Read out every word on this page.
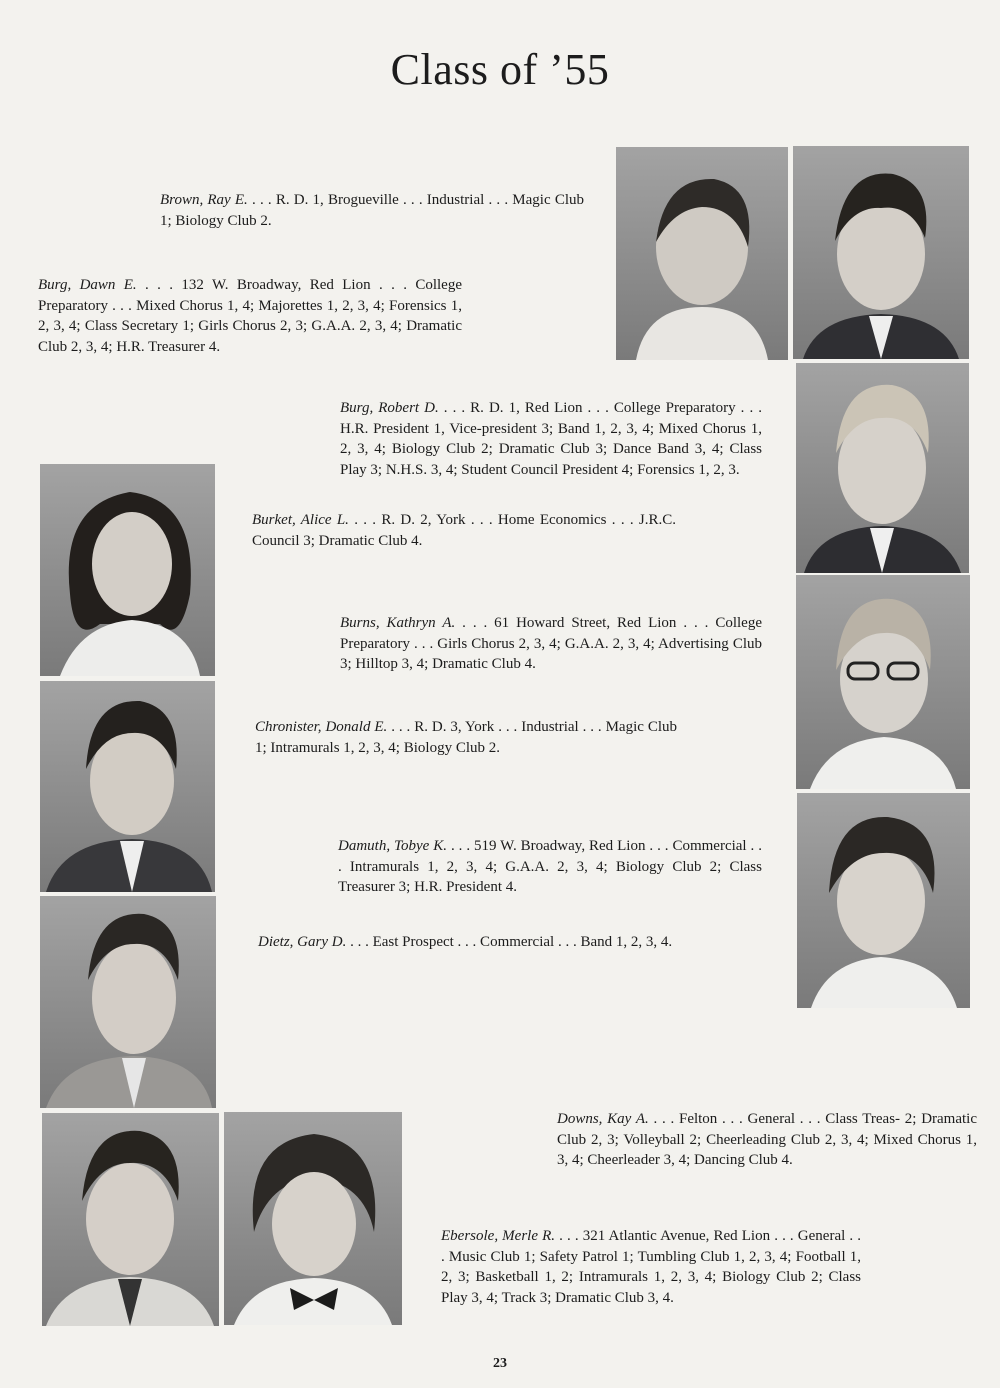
Class of ’55
Brown, Ray E. . . . R. D. 1, Brogueville . . . Industrial . . . Magic Club 1; Biology Club 2.
Burg, Dawn E. . . . 132 W. Broadway, Red Lion . . . College Preparatory . . . Mixed Chorus 1, 4; Majorettes 1, 2, 3, 4; Forensics 1, 2, 3, 4; Class Secretary 1; Girls Chorus 2, 3; G.A.A. 2, 3, 4; Dramatic Club 2, 3, 4; H.R. Treasurer 4.
Burg, Robert D. . . . R. D. 1, Red Lion . . . College Preparatory . . . H.R. President 1, Vice-president 3; Band 1, 2, 3, 4; Mixed Chorus 1, 2, 3, 4; Biology Club 2; Dramatic Club 3; Dance Band 3, 4; Class Play 3; N.H.S. 3, 4; Student Council President 4; Forensics 1, 2, 3.
Burket, Alice L. . . . R. D. 2, York . . . Home Economics . . . J.R.C. Council 3; Dramatic Club 4.
Burns, Kathryn A. . . . 61 Howard Street, Red Lion . . . College Preparatory . . . Girls Chorus 2, 3, 4; G.A.A. 2, 3, 4; Advertising Club 3; Hilltop 3, 4; Dramatic Club 4.
Chronister, Donald E. . . . R. D. 3, York . . . Industrial . . . Magic Club 1; Intramurals 1, 2, 3, 4; Biology Club 2.
Damuth, Tobye K. . . . 519 W. Broadway, Red Lion . . . Commercial . . . Intramurals 1, 2, 3, 4; G.A.A. 2, 3, 4; Biology Club 2; Class Treasurer 3; H.R. President 4.
Dietz, Gary D. . . . East Prospect . . . Commercial . . . Band 1, 2, 3, 4.
Downs, Kay A. . . . Felton . . . General . . . Class Treas- 2; Dramatic Club 2, 3; Volleyball 2; Cheerleading Club 2, 3, 4; Mixed Chorus 1, 3, 4; Cheerleader 3, 4; Dancing Club 4.
Ebersole, Merle R. . . . 321 Atlantic Avenue, Red Lion . . . General . . . Music Club 1; Safety Patrol 1; Tumbling Club 1, 2, 3, 4; Football 1, 2, 3; Basketball 1, 2; Intramurals 1, 2, 3, 4; Biology Club 2; Class Play 3, 4; Track 3; Dramatic Club 3, 4.
23
